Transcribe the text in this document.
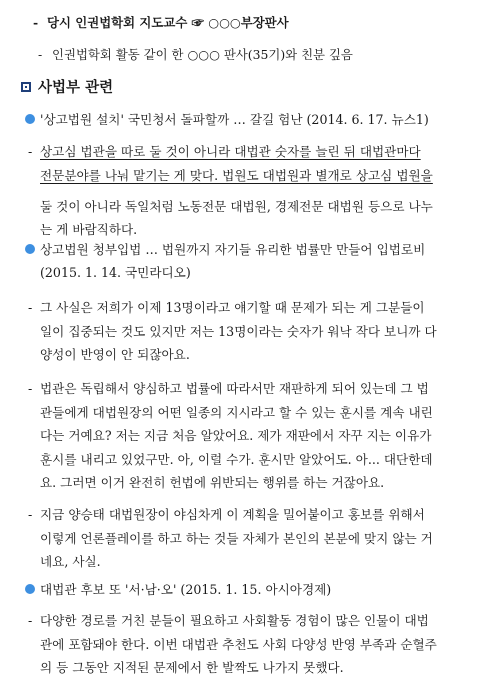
- 당시 인권법학회 지도교수 ☞ ○○○부장판사
- 인권법학회 활동 같이 한 ○○○ 판사(35기)와 친분 깊음
사법부 관련
'상고법원 설치' 국민청서 돌파할까 … 갈길 험난 (2014. 6. 17. 뉴스1)
- 상고심 법관을 따로 둘 것이 아니라 대법관 숫자를 늘린 뒤 대법관마다
전문분야를 나눠 맡기는 게 맞다. 법원도 대법원과 별개로 상고심 법원을
둘 것이 아니라 독일처럼 노동전문 대법원, 경제전문 대법원 등으로 나누
는 게 바람직하다.
상고법원 청부입법 … 법원까지 자기들 유리한 법률만 만들어 입법로비
(2015. 1. 14. 국민라디오)
- 그 사실은 저희가 이제 13명이라고 얘기할 때 문제가 되는 게 그분들이
일이 집중되는 것도 있지만 저는 13명이라는 숫자가 워낙 작다 보니까 다
양성이 반영이 안 되잖아요.
- 법관은 독립해서 양심하고 법률에 따라서만 재판하게 되어 있는데 그 법
관들에게 대법원장의 어떤 일종의 지시라고 할 수 있는 훈시를 계속 내린
다는 거예요? 저는 지금 처음 알았어요. 제가 재판에서 자꾸 지는 이유가
훈시를 내리고 있었구만. 아, 이럴 수가. 훈시만 알았어도. 아... 대단한데
요. 그러면 이거 완전히 헌법에 위반되는 행위를 하는 거잖아요.
- 지금 양승태 대법원장이 야심차게 이 계획을 밀어붙이고 홍보를 위해서
이렇게 언론플레이를 하고 하는 것들 자체가 본인의 본분에 맞지 않는 거
네요, 사실.
대법관 후보 또 '서·남·오' (2015. 1. 15. 아시아경제)
- 다양한 경로를 거친 분들이 필요하고 사회활동 경험이 많은 인물이 대법
관에 포함돼야 한다. 이번 대법관 추천도 사회 다양성 반영 부족과 순혈주
의 등 그동안 지적된 문제에서 한 발짝도 나가지 못했다.
